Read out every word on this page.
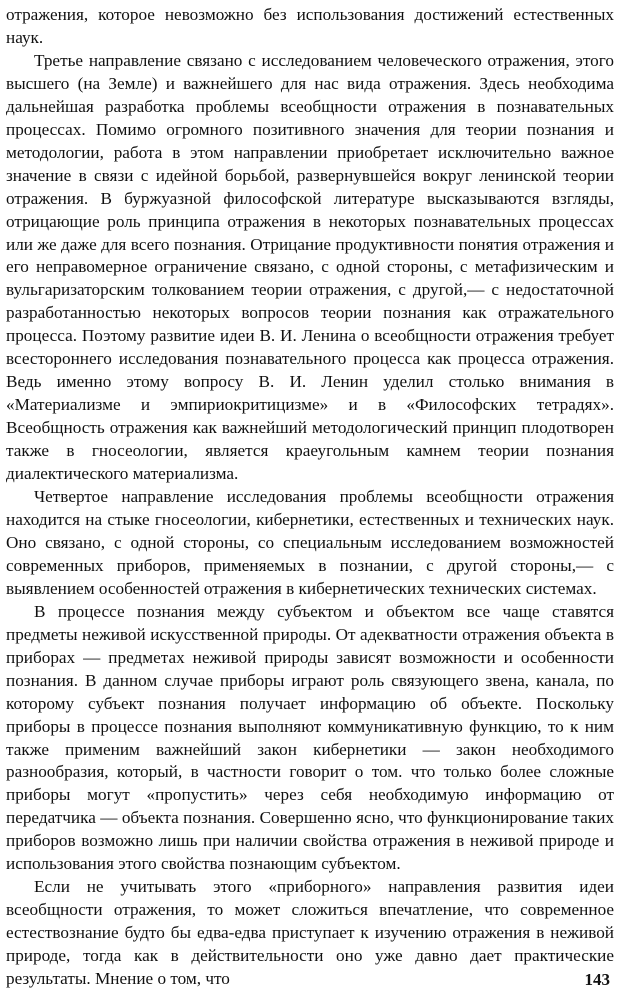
отражения, которое невозможно без использования достижений естественных наук.

Третье направление связано с исследованием человеческого отражения, этого высшего (на Земле) и важнейшего для нас вида отражения. Здесь необходима дальнейшая разработка проблемы всеобщности отражения в познавательных процессах. Помимо огромного позитивного значения для теории познания и методологии, работа в этом направлении приобретает исключительно важное значение в связи с идейной борьбой, развернувшейся вокруг ленинской теории отражения. В буржуазной философской литературе высказываются взгляды, отрицающие роль принципа отражения в некоторых познавательных процессах или же даже для всего познания. Отрицание продуктивности понятия отражения и его неправомерное ограничение связано, с одной стороны, с метафизическим и вульгаризаторским толкованием теории отражения, с другой,— с недостаточной разработанностью некоторых вопросов теории познания как отражательного процесса. Поэтому развитие идеи В. И. Ленина о всеобщности отражения требует всестороннего исследования познавательного процесса как процесса отражения. Ведь именно этому вопросу В. И. Ленин уделил столько внимания в «Материализме и эмпириокритицизме» и в «Философских тетрадях». Всеобщность отражения как важнейший методологический принцип плодотворен также в гносеологии, является краеугольным камнем теории познания диалектического материализма.

Четвертое направление исследования проблемы всеобщности отражения находится на стыке гносеологии, кибернетики, естественных и технических наук. Оно связано, с одной стороны, со специальным исследованием возможностей современных приборов, применяемых в познании, с другой стороны,— с выявлением особенностей отражения в кибернетических технических системах.

В процессе познания между субъектом и объектом все чаще ставятся предметы неживой искусственной природы. От адекватности отражения объекта в приборах — предметах неживой природы зависят возможности и особенности познания. В данном случае приборы играют роль связующего звена, канала, по которому субъект познания получает информацию об объекте. Поскольку приборы в процессе познания выполняют коммуникативную функцию, то к ним также применим важнейший закон кибернетики — закон необходимого разнообразия, который, в частности говорит о том. что только более сложные приборы могут «пропустить» через себя необходимую информацию от передатчика — объекта познания. Совершенно ясно, что функционирование таких приборов возможно лишь при наличии свойства отражения в неживой природе и использования этого свойства познающим субъектом.

Если не учитывать этого «приборного» направления развития идеи всеобщности отражения, то может сложиться впечатление, что современное естествознание будто бы едва-едва приступает к изучению отражения в неживой природе, тогда как в действительности оно уже давно дает практические результаты. Мнение о том, что	143
